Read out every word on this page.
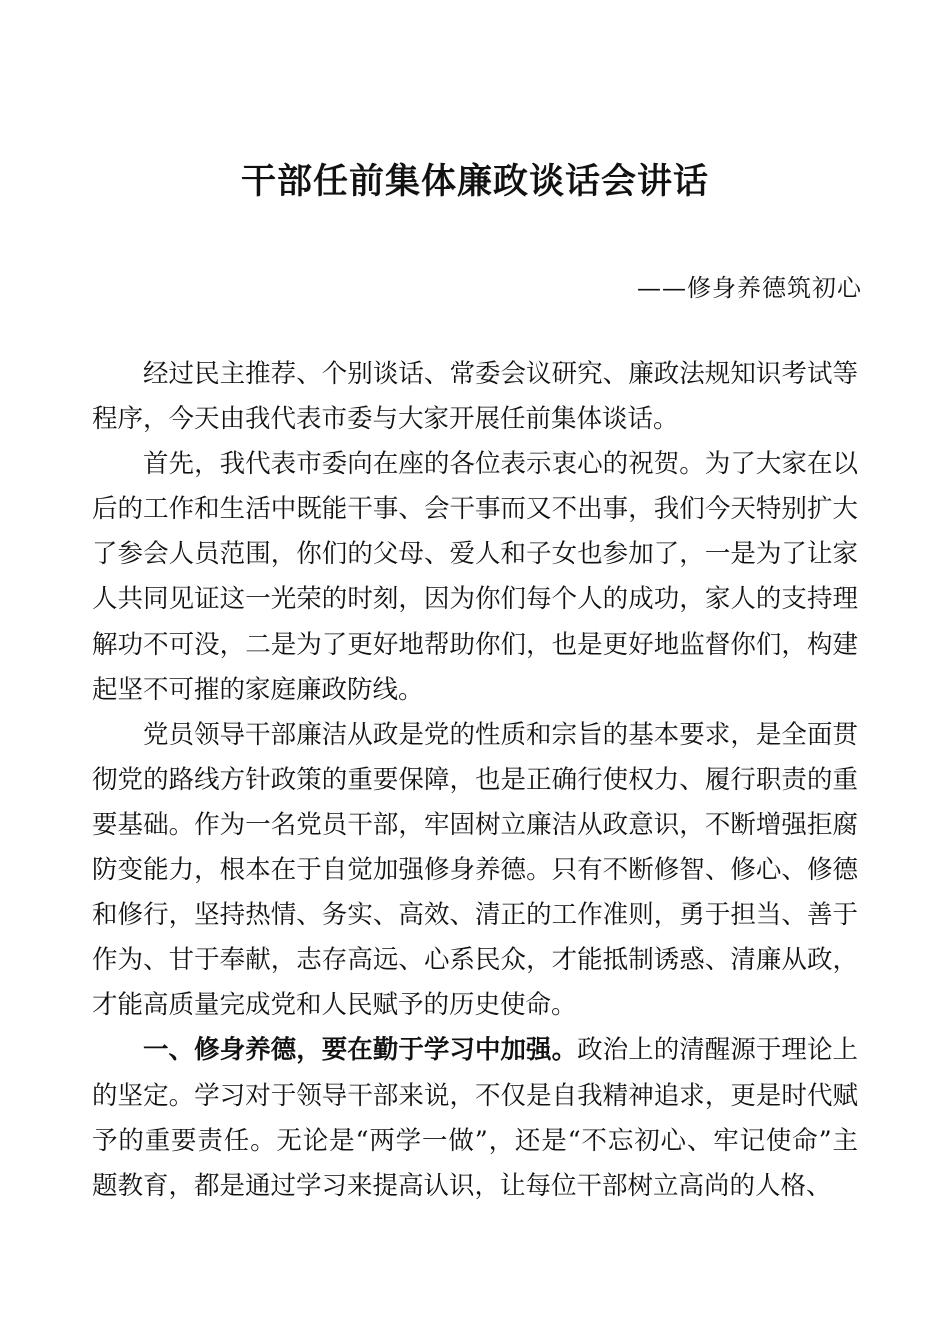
干部任前集体廉政谈话会讲话
——修身养德筑初心

经过民主推荐、个别谈话、常委会议研究、廉政法规知识考试等程序，今天由我代表市委与大家开展任前集体谈话。

首先，我代表市委向在座的各位表示衷心的祝贺。为了大家在以后的工作和生活中既能干事、会干事而又不出事，我们今天特别扩大了参会人员范围，你们的父母、爱人和子女也参加了，一是为了让家人共同见证这一光荣的时刻，因为你们每个人的成功，家人的支持理解功不可没，二是为了更好地帮助你们，也是更好地监督你们，构建起坚不可摧的家庭廉政防线。

党员领导干部廉洁从政是党的性质和宗旨的基本要求，是全面贯彻党的路线方针政策的重要保障，也是正确行使权力、履行职责的重要基础。作为一名党员干部，牢固树立廉洁从政意识，不断增强拒腐防变能力，根本在于自觉加强修身养德。只有不断修智、修心、修德和修行，坚持热情、务实、高效、清正的工作准则，勇于担当、善于作为、甘于奉献，志存高远、心系民众，才能抵制诱惑、清廉从政，才能高质量完成党和人民赋予的历史使命。

一、修身养德，要在勤于学习中加强。政治上的清醒源于理论上的坚定。学习对于领导干部来说，不仅是自我精神追求，更是时代赋予的重要责任。无论是“两学一做”，还是“不忘初心、牢记使命”主题教育，都是通过学习来提高认识，让每位干部树立高尚的人格、
